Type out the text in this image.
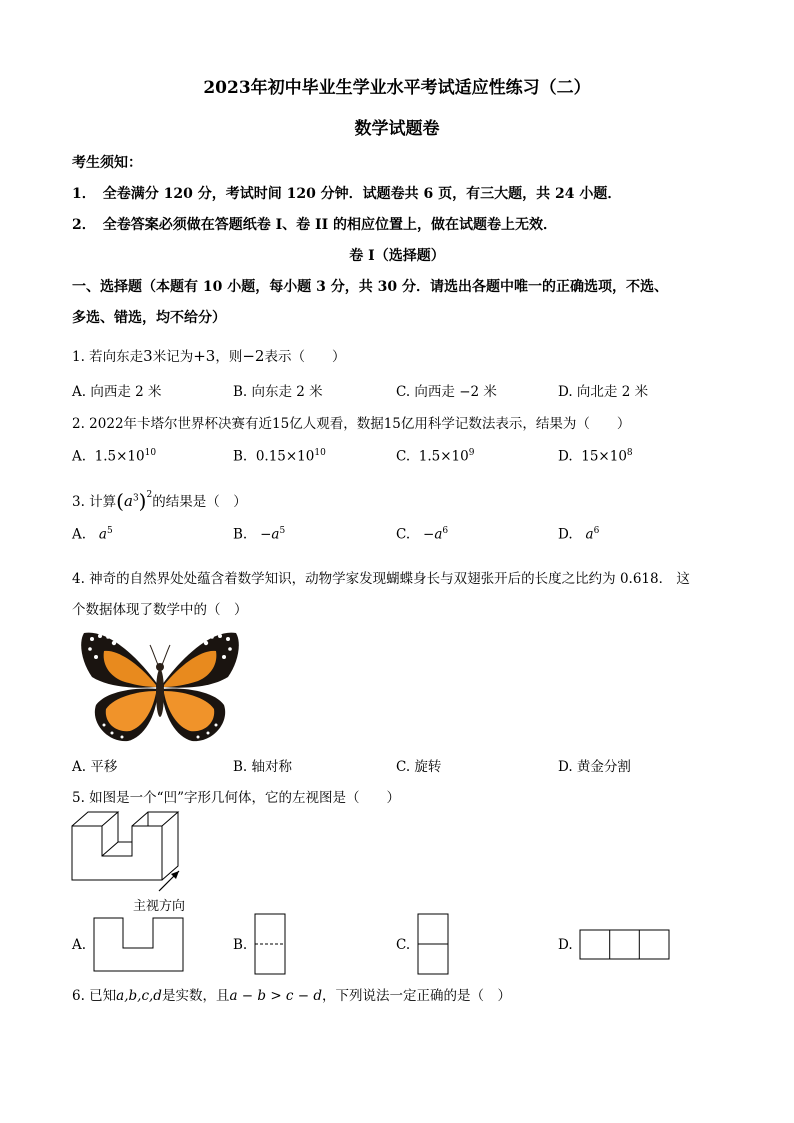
2023年初中毕业生学业水平考试适应性练习（二）
数学试题卷
考生须知：
1．　全卷满分 120 分，考试时间 120 分钟．试题卷共 6 页，有三大题，共 24 小题．
2．　全卷答案必须做在答题纸卷 I、卷 II 的相应位置上，做在试题卷上无效．
卷 I（选择题）
一、选择题（本题有 10 小题，每小题 3 分，共 30 分．请选出各题中唯一的正确选项，不选、
多选、错选，均不给分）
1. 若向东走3米记为+3，则−2表示（　　）
A. 向西走 2 米	B. 向东走 2 米	C. 向西走 −2 米	D. 向北走 2 米
2. 2022年卡塔尔世界杯决赛有近15亿人观看，数据15亿用科学记数法表示，结果为（　　）
A. $1.5\times 10^{10}$	B. $0.15\times 10^{10}$	C. $1.5\times 10^9$	D. $15\times 10^8$
3. 计算$(a^3)^2$的结果是（　）
A. $a^5$	B. $-a^5$	C. $-a^6$	D. $a^6$
4. 神奇的自然界处处蕴含着数学知识，动物学家发现蝴蝶身长与双翅张开后的长度之比约为 0.618． 这
个数据体现了数学中的（　）
A. 平移	B. 轴对称	C. 旋转	D. 黄金分割
5. 如图是一个“凹”字形几何体，它的左视图是（　　）
主视方向
A.	B.	C.	D.
6. 已知a,b,c,d是实数，且a − b > c − d，下列说法一定正确的是（　）
